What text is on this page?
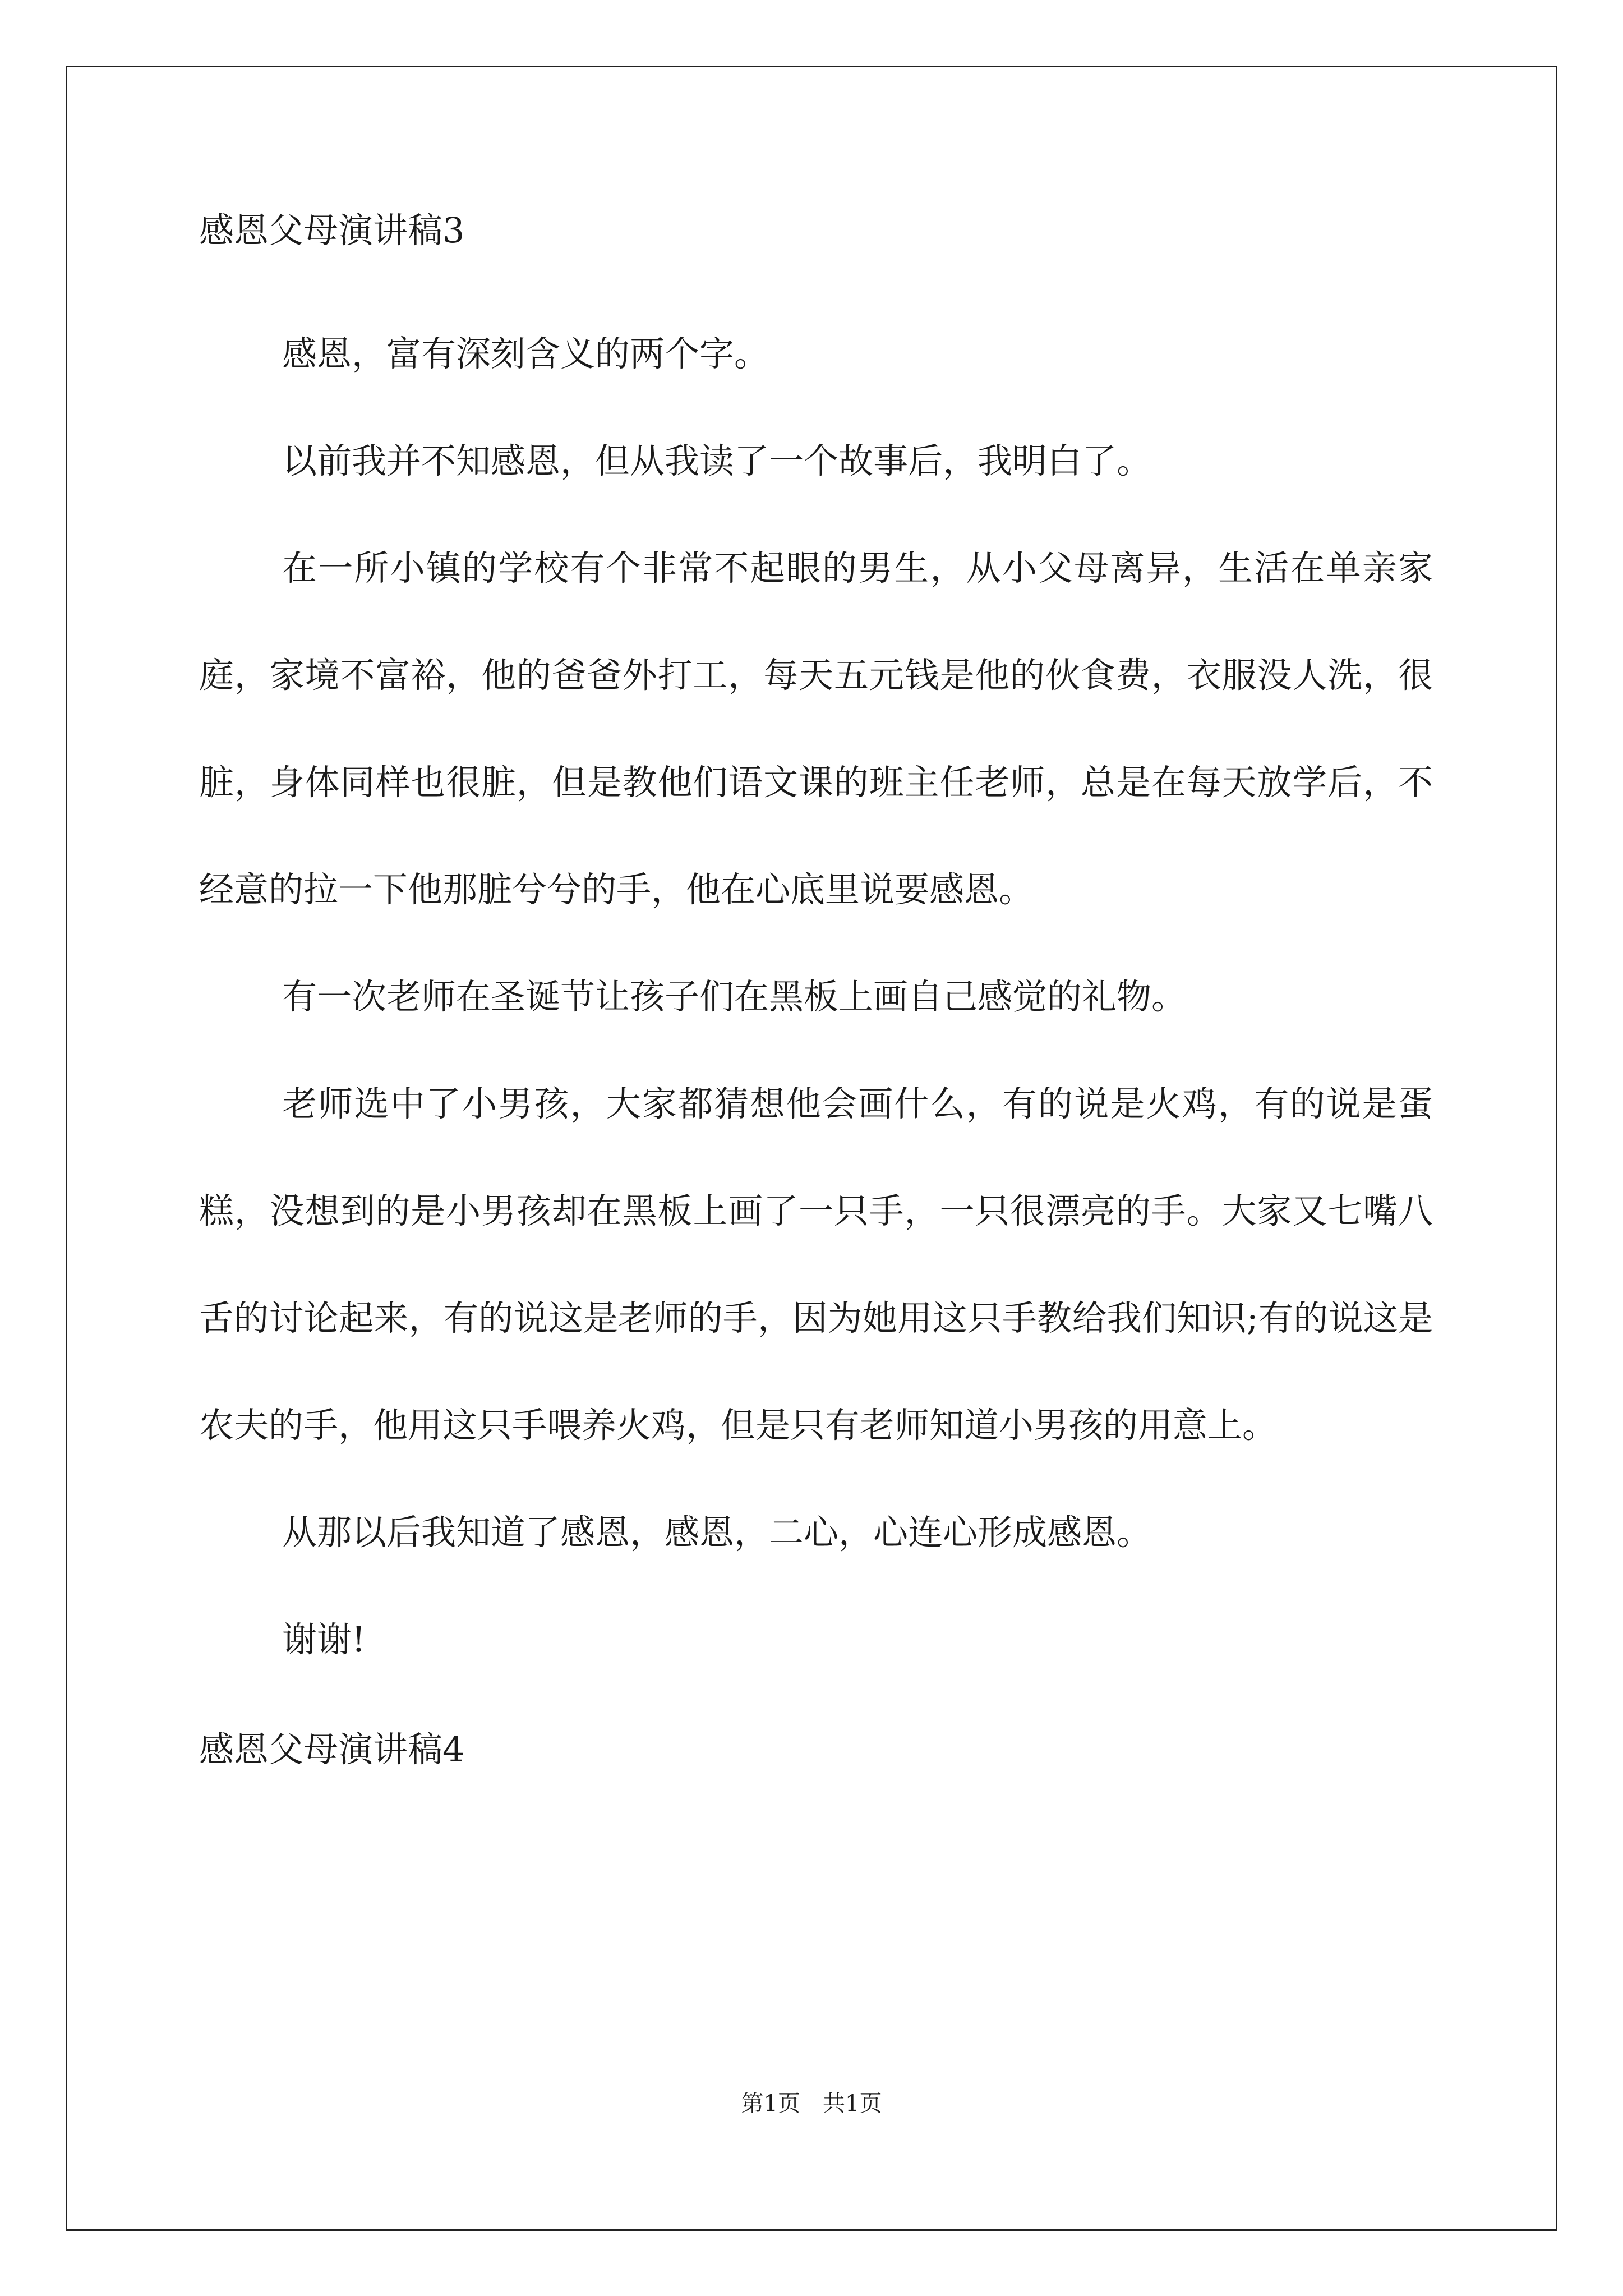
感恩父母演讲稿3

感恩，富有深刻含义的两个字。

以前我并不知感恩，但从我读了一个故事后，我明白了。

在一所小镇的学校有个非常不起眼的男生，从小父母离异，生活在单亲家庭，家境不富裕，他的爸爸外打工，每天五元钱是他的伙食费，衣服没人洗，很脏，身体同样也很脏，但是教他们语文课的班主任老师，总是在每天放学后，不经意的拉一下他那脏兮兮的手，他在心底里说要感恩。

有一次老师在圣诞节让孩子们在黑板上画自己感觉的礼物。

老师选中了小男孩，大家都猜想他会画什么，有的说是火鸡，有的说是蛋糕，没想到的是小男孩却在黑板上画了一只手，一只很漂亮的手。大家又七嘴八舌的讨论起来，有的说这是老师的手，因为她用这只手教给我们知识;有的说这是农夫的手，他用这只手喂养火鸡，但是只有老师知道小男孩的用意上。

从那以后我知道了感恩，感恩，二心，心连心形成感恩。

谢谢!

感恩父母演讲稿4
第1页　共1页
